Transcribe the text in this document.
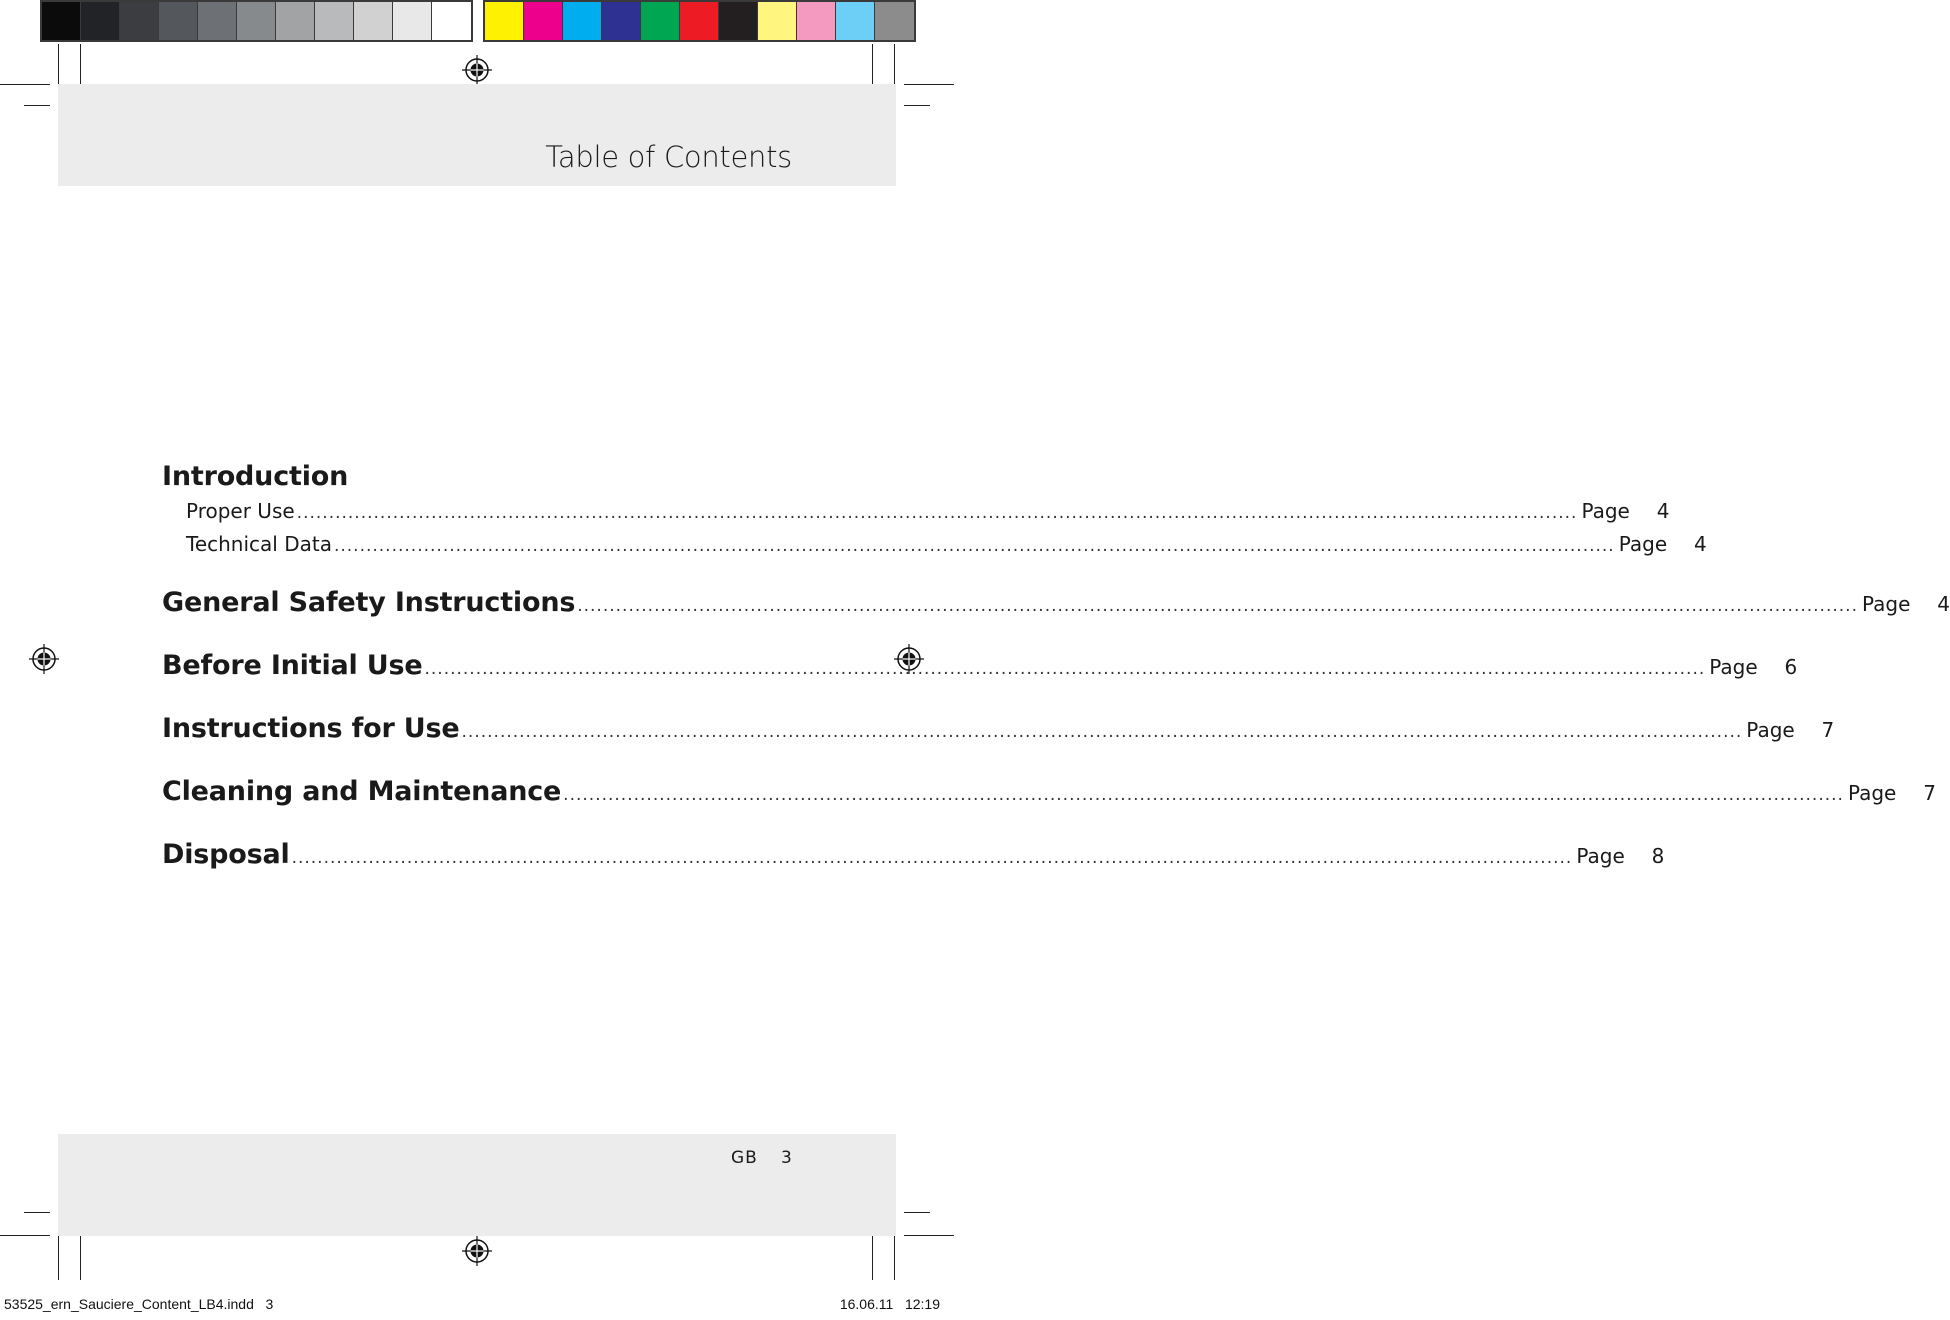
Table of Contents
Introduction
Proper Use ........................................................................................................................................................................................................ Page	4
Technical Data ........................................................................................................................................................................................................ Page	4
General Safety Instructions ........................................................................................................................................................................................................ Page	4
Before Initial Use ........................................................................................................................................................................................................ Page	6
Instructions for Use ........................................................................................................................................................................................................ Page	7
Cleaning and Maintenance ........................................................................................................................................................................................................ Page	7
Disposal ........................................................................................................................................................................................................ Page	8
GB 3
53525_ern_Sauciere_Content_LB4.indd   3	16.06.11   12:19
